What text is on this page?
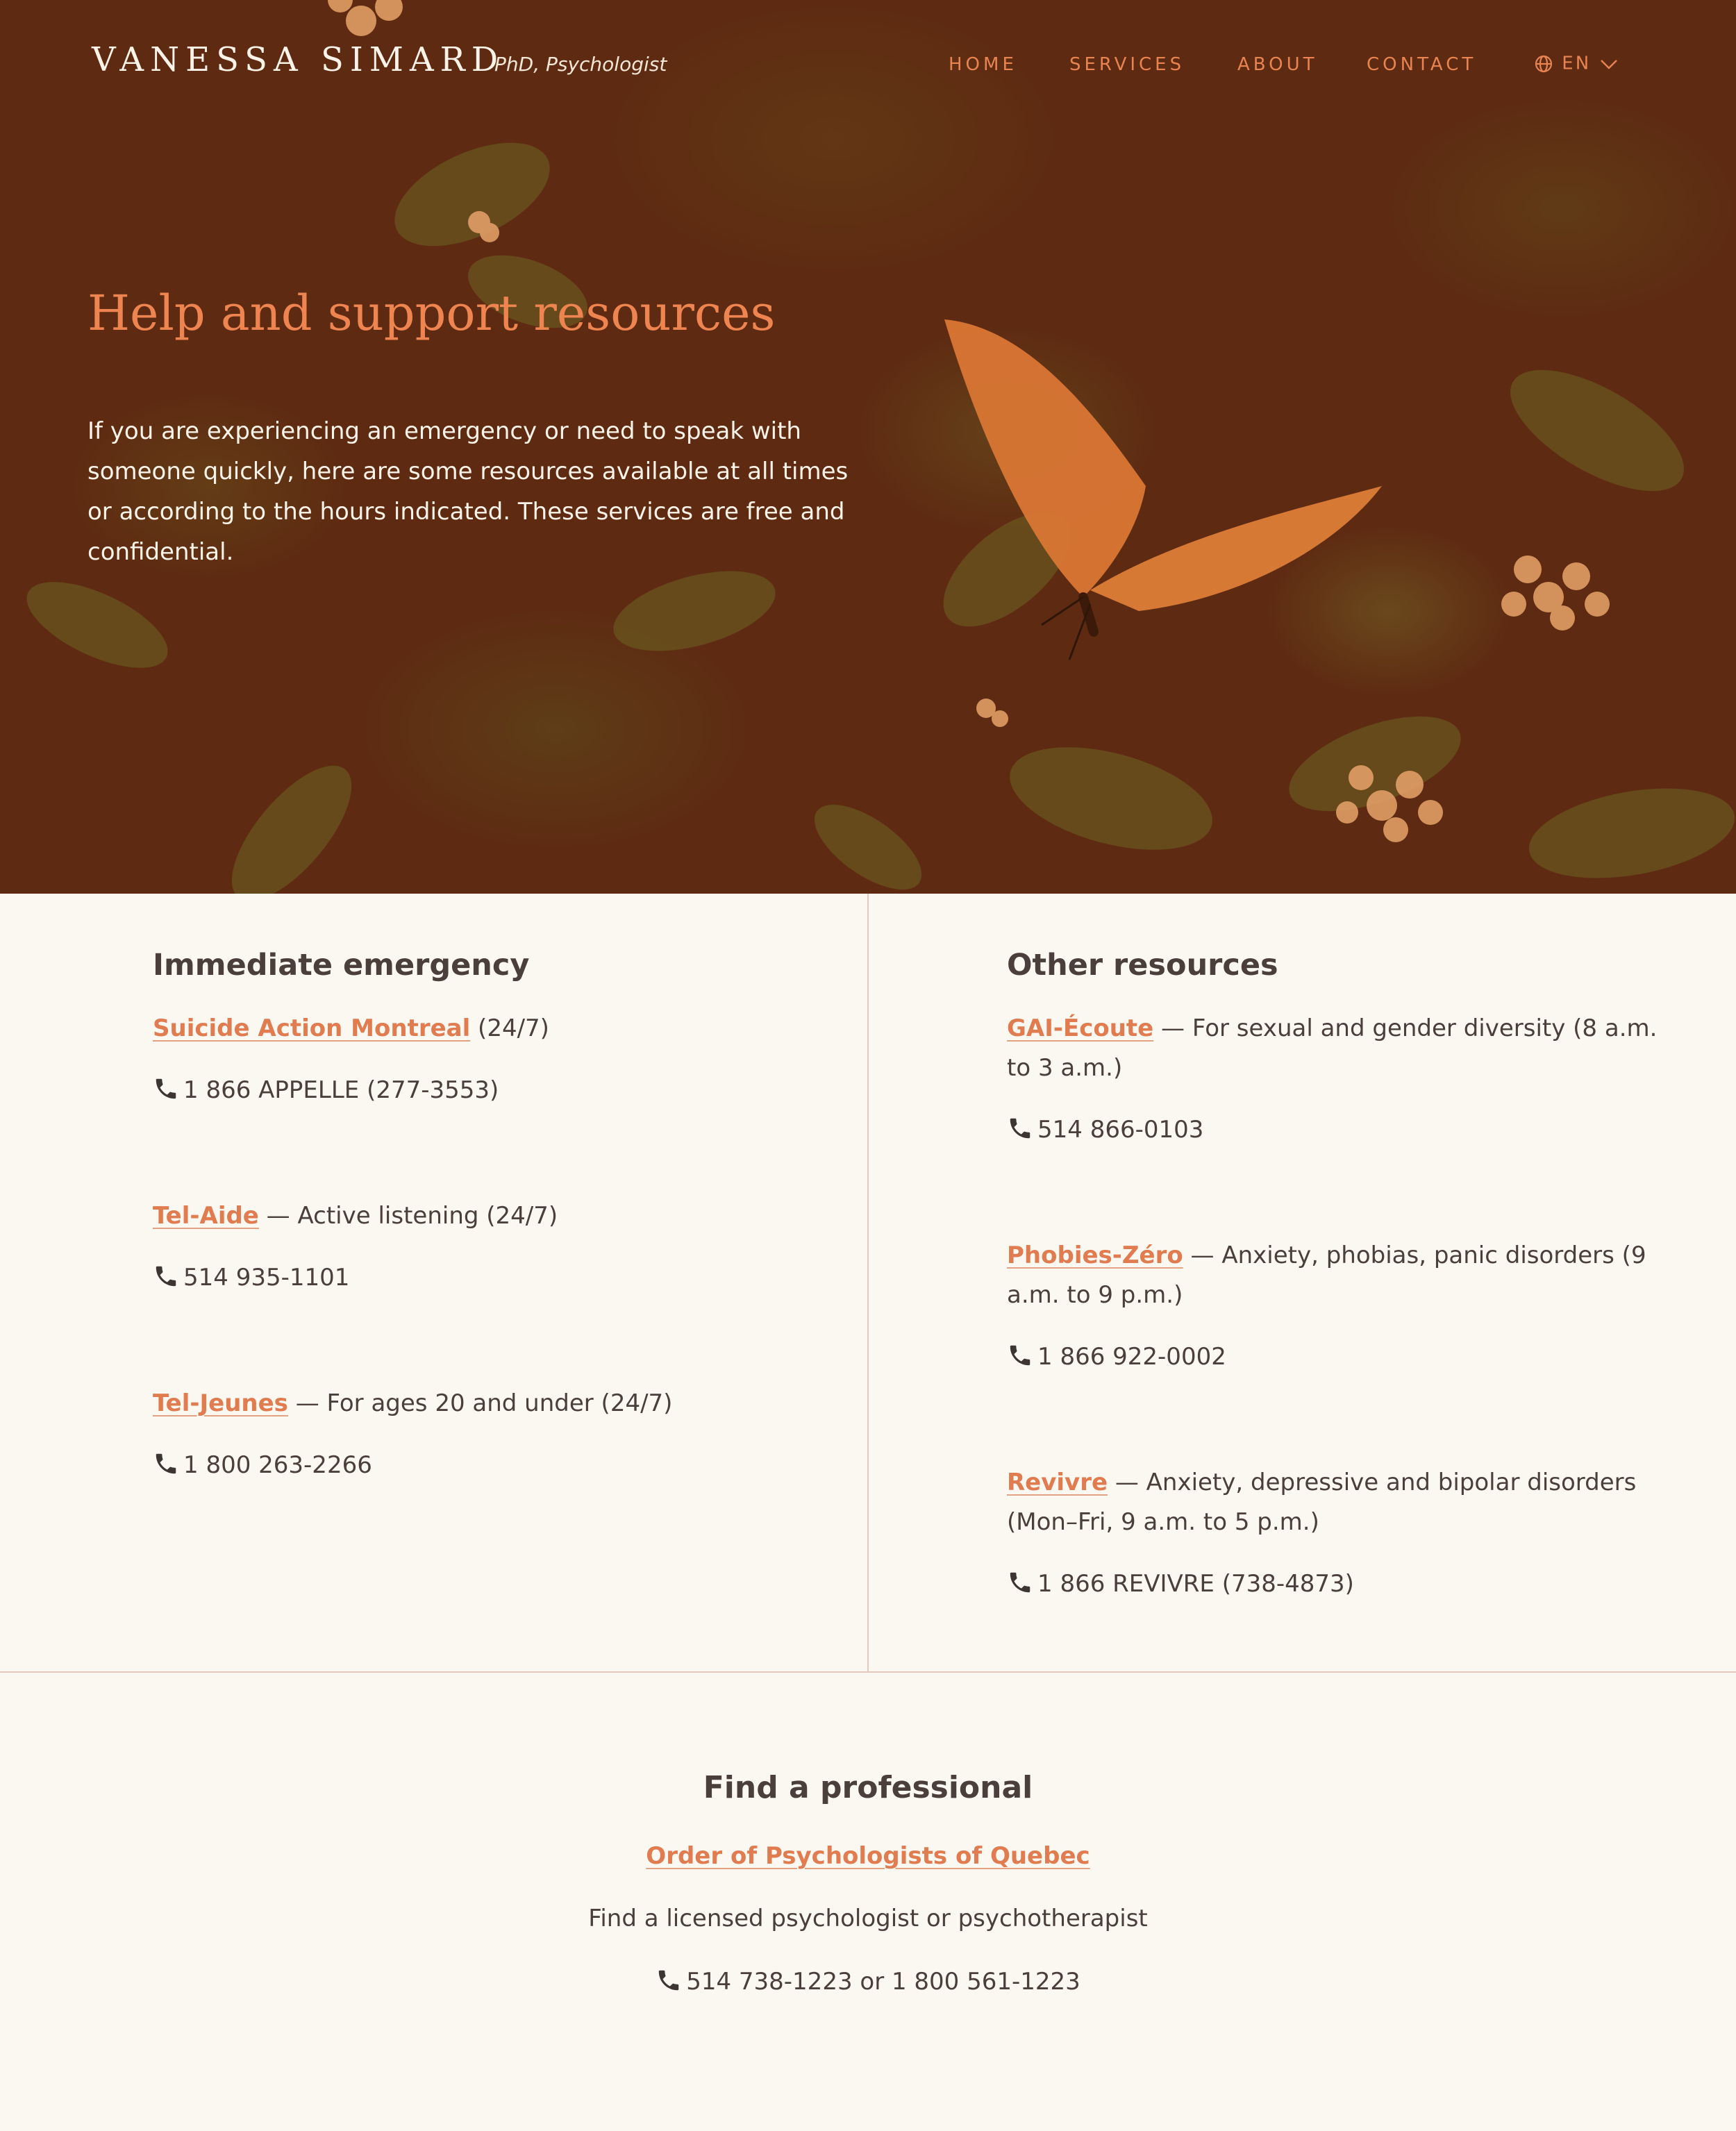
VANESSA SIMARD
PhD, Psychologist	HOME	SERVICES	ABOUT	CONTACT	EN
Help and support resources

If you are experiencing an emergency or need to speak with someone quickly, here are some resources available at all times or according to the hours indicated. These services are free and confidential.

Immediate emergency

Suicide Action Montreal (24/7)

1 866 APPELLE (277-3553)

Tel-Aide — Active listening (24/7)

514 935-1101

Tel-Jeunes — For ages 20 and under (24/7)

1 800 263-2266

Other resources

GAI-Écoute — For sexual and gender diversity (8 a.m. to 3 a.m.)

514 866-0103

Phobies-Zéro — Anxiety, phobias, panic disorders (9 a.m. to 9 p.m.)

1 866 922-0002

Revivre — Anxiety, depressive and bipolar disorders (Mon–Fri, 9 a.m. to 5 p.m.)

1 866 REVIVRE (738-4873)

Find a professional

Order of Psychologists of Quebec

Find a licensed psychologist or psychotherapist

514 738-1223 or 1 800 561-1223
